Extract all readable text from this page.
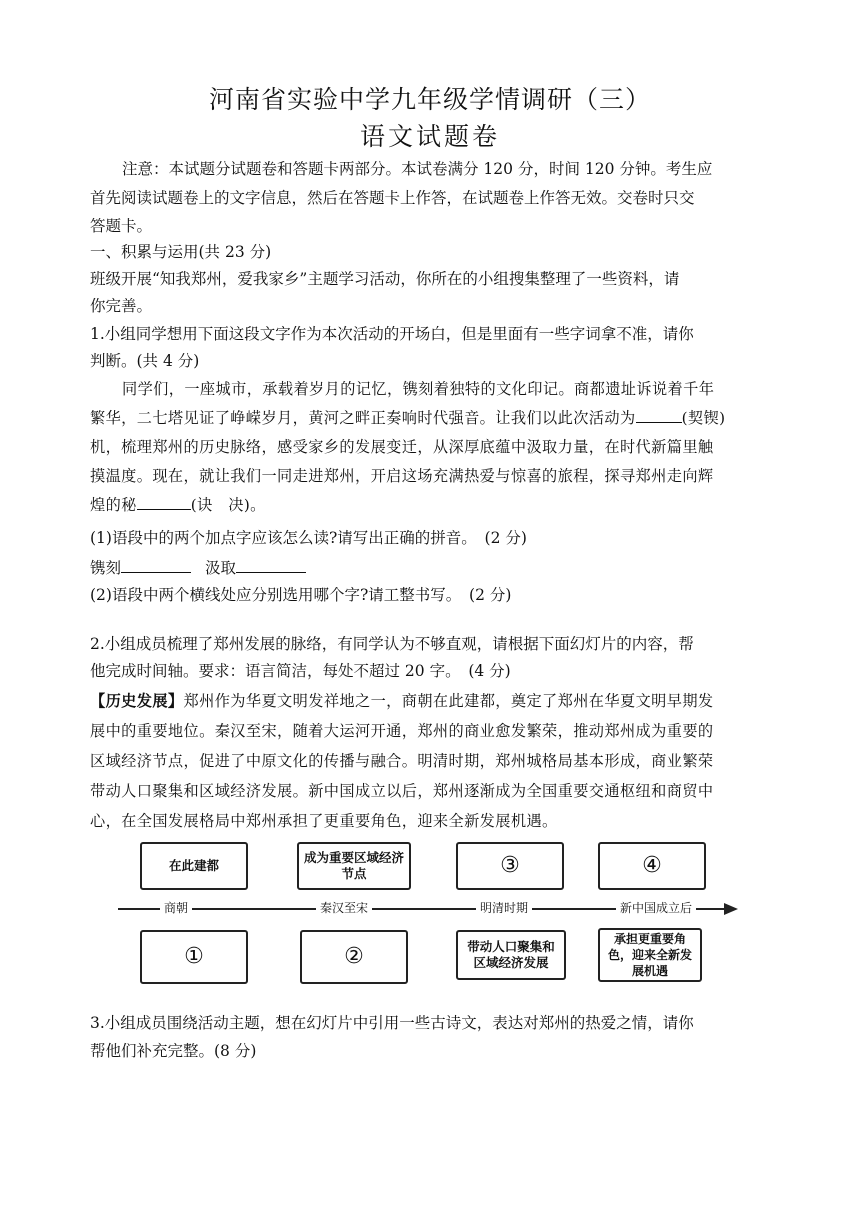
河南省实验中学九年级学情调研（三）
语文试题卷
注意：本试题分试题卷和答题卡两部分。本试卷满分 120 分，时间 120 分钟。考生应
首先阅读试题卷上的文字信息，然后在答题卡上作答，在试题卷上作答无效。交卷时只交
答题卡。
一、积累与运用(共 23 分)
班级开展“知我郑州，爱我家乡”主题学习活动，你所在的小组搜集整理了一些资料，请
你完善。
1.小组同学想用下面这段文字作为本次活动的开场白，但是里面有一些字词拿不准，请你
判断。(共 4 分)
同学们，一座城市，承载着岁月的记忆，镌刻着独特的文化印记。商都遗址诉说着千年
繁华，二七塔见证了峥嵘岁月，黄河之畔正奏响时代强音。让我们以此次活动为	(契锲)
机，梳理郑州的历史脉络，感受家乡的发展变迁，从深厚底蕴中汲取力量，在时代新篇里触
摸温度。现在，就让我们一同走进郑州，开启这场充满热爱与惊喜的旅程，探寻郑州走向辉
煌的秘	(诀　决)。
(1)语段中的两个加点字应该怎么读?请写出正确的拼音。　(2 分)
镌刻	汲取
(2)语段中两个横线处应分别选用哪个字?请工整书写。　(2 分)
2.小组成员梳理了郑州发展的脉络，有同学认为不够直观，请根据下面幻灯片的内容，帮
他完成时间轴。要求：语言简洁，每处不超过 20 字。　(4 分)
【历史发展】郑州作为华夏文明发祥地之一，商朝在此建都，奠定了郑州在华夏文明早期发
展中的重要地位。秦汉至宋，随着大运河开通，郑州的商业愈发繁荣，推动郑州成为重要的
区域经济节点，促进了中原文化的传播与融合。明清时期，郑州城格局基本形成，商业繁荣
带动人口聚集和区域经济发展。新中国成立以后，郑州逐渐成为全国重要交通枢纽和商贸中
心，在全国发展格局中郑州承担了更重要角色，迎来全新发展机遇。
在此建都
成为重要区域经济节点	③	④
商朝	秦汉至宋	明清时期	新中国成立后
①	②	带动人口聚集和区域经济发展
承担更重要角色，迎来全新发展机遇
3.小组成员围绕活动主题，想在幻灯片中引用一些古诗文，表达对郑州的热爱之情，请你
帮他们补充完整。(8 分)
